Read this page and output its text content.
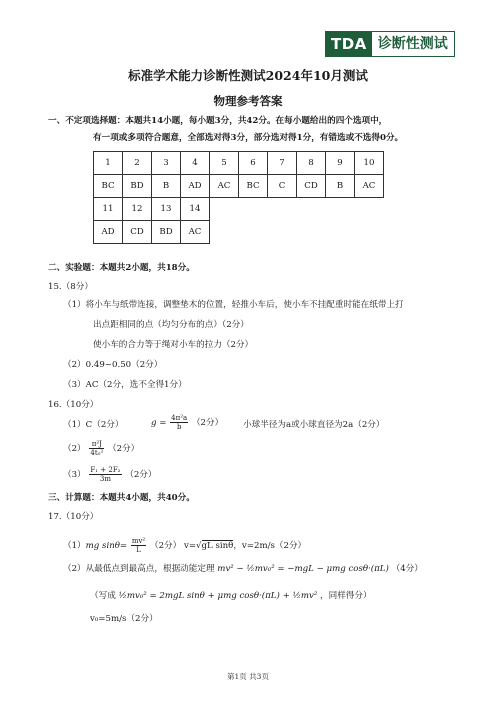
TDA 诊断性测试
标准学术能力诊断性测试2024年10月测试
物理参考答案
一、不定项选择题：本题共14小题，每小题3分，共42分。在每小题给出的四个选项中，
有一项或多项符合题意，全部选对得3分，部分选对得1分，有错选或不选得0分。
1	2	3	4	5	6	7	8	9	10
BC	BD	B	AD	AC	BC	C	CD	B	AC
11	12	13	14						
AD	CD	BD	AC						
二、实验题：本题共2小题，共18分。
15.（8分）
（1）将小车与纸带连接，调整垫木的位置，轻推小车后，使小车不挂配重时能在纸带上打
出点距相同的点（均匀分布的点）（2分）
使小车的合力等于绳对小车的拉力（2分）
（2）0.49~0.50（2分）
（3）AC（2分，选不全得1分）
16.（10分）
（1）C（2分）	$g = \frac{\text{4π²a}}{b} (2$分） 小球半径为a或小球直径为2a（2分）
$(2) \frac{\text{π²J}}{\text{4t₀²}} (2$分）
$(3) \frac{\text{F₁ + 2F₂}}{3m} (2$分）
三、计算题：本题共4小题，共40分。
17.（10分）
（1）mg $\sin\theta= \frac{\text{mv²}}{L} (2$分） v=√gL sinθ，v=2m/s（2分）
（2）从最低点到最高点，根据动能定理 mv² − ½mv₀² = −mgL − μmg cosθ·(πL) （4分）
（写成 ½mv₀² = 2mgL sinθ + μmg cosθ·(πL) + ½mv² ，同样得分）
v₀=5m/s（2分）
第1页 共3页
